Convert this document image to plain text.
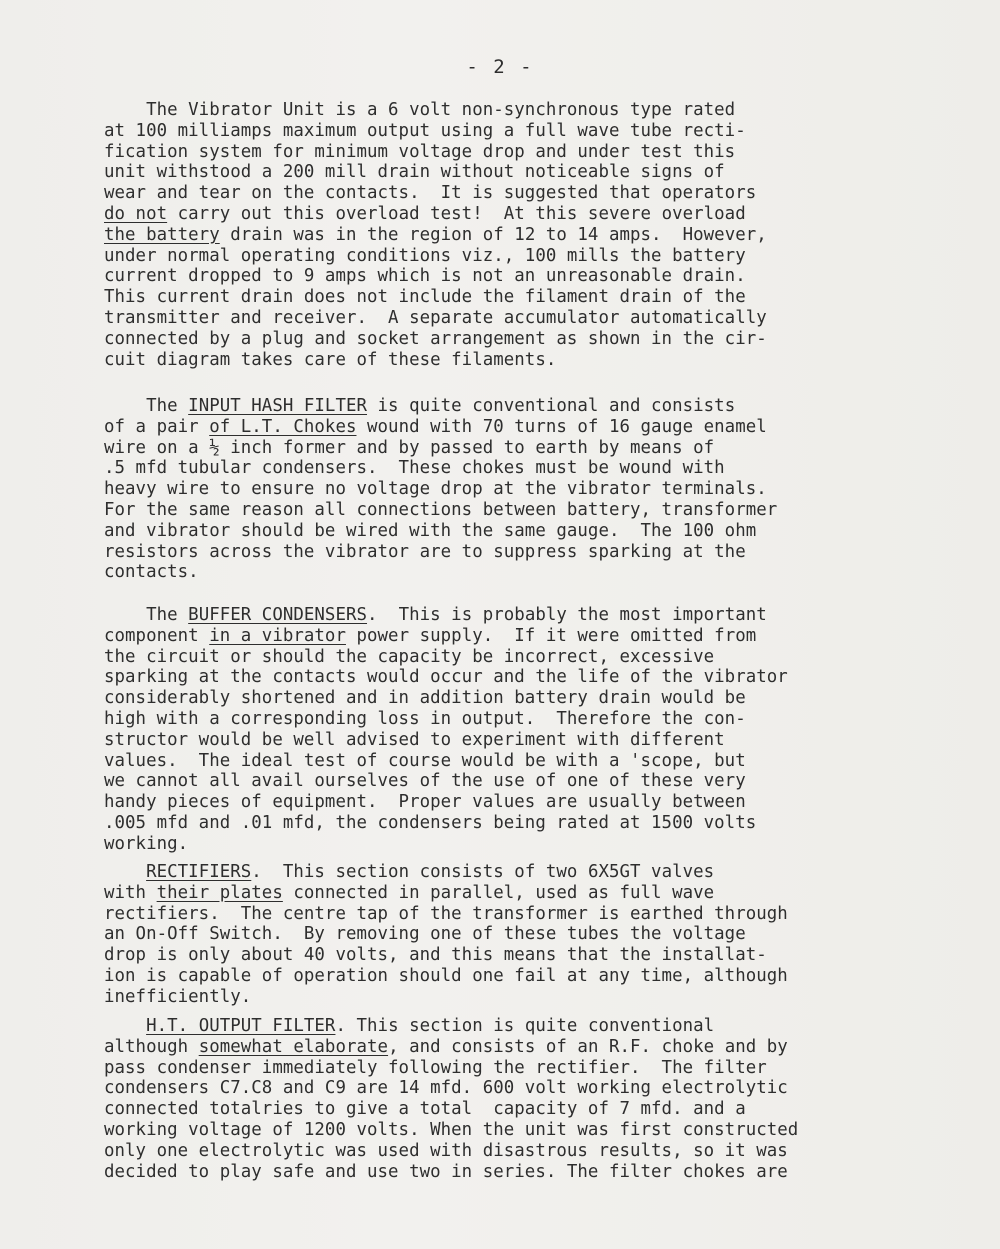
- 2 -
The Vibrator Unit is a 6 volt non-synchronous type rated
at 100 milliamps maximum output using a full wave tube recti-
fication system for minimum voltage drop and under test this
unit withstood a 200 mill drain without noticeable signs of
wear and tear on the contacts.  It is suggested that operators
do not carry out this overload test!  At this severe overload
the battery drain was in the region of 12 to 14 amps.  However,
under normal operating conditions viz., 100 mills the battery
current dropped to 9 amps which is not an unreasonable drain.
This current drain does not include the filament drain of the
transmitter and receiver.  A separate accumulator automatically
connected by a plug and socket arrangement as shown in the cir-
cuit diagram takes care of these filaments.
The INPUT HASH FILTER is quite conventional and consists
of a pair of L.T. Chokes wound with 70 turns of 16 gauge enamel
wire on a ½ inch former and by passed to earth by means of
.5 mfd tubular condensers.  These chokes must be wound with
heavy wire to ensure no voltage drop at the vibrator terminals.
For the same reason all connections between battery, transformer
and vibrator should be wired with the same gauge.  The 100 ohm
resistors across the vibrator are to suppress sparking at the
contacts.
The BUFFER CONDENSERS.  This is probably the most important
component in a vibrator power supply.  If it were omitted from
the circuit or should the capacity be incorrect, excessive
sparking at the contacts would occur and the life of the vibrator
considerably shortened and in addition battery drain would be
high with a corresponding loss in output.  Therefore the con-
structor would be well advised to experiment with different
values.  The ideal test of course would be with a 'scope, but
we cannot all avail ourselves of the use of one of these very
handy pieces of equipment.  Proper values are usually between
.005 mfd and .01 mfd, the condensers being rated at 1500 volts
working.
RECTIFIERS.  This section consists of two 6X5GT valves
with their plates connected in parallel, used as full wave
rectifiers.  The centre tap of the transformer is earthed through
an On-Off Switch.  By removing one of these tubes the voltage
drop is only about 40 volts, and this means that the installat-
ion is capable of operation should one fail at any time, although
inefficiently.
H.T. OUTPUT FILTER. This section is quite conventional
although somewhat elaborate, and consists of an R.F. choke and by
pass condenser immediately following the rectifier.  The filter
condensers C7.C8 and C9 are 14 mfd. 600 volt working electrolytic
connected totalries to give a total  capacity of 7 mfd. and a
working voltage of 1200 volts. When the unit was first constructed
only one electrolytic was used with disastrous results, so it was
decided to play safe and use two in series. The filter chokes are
